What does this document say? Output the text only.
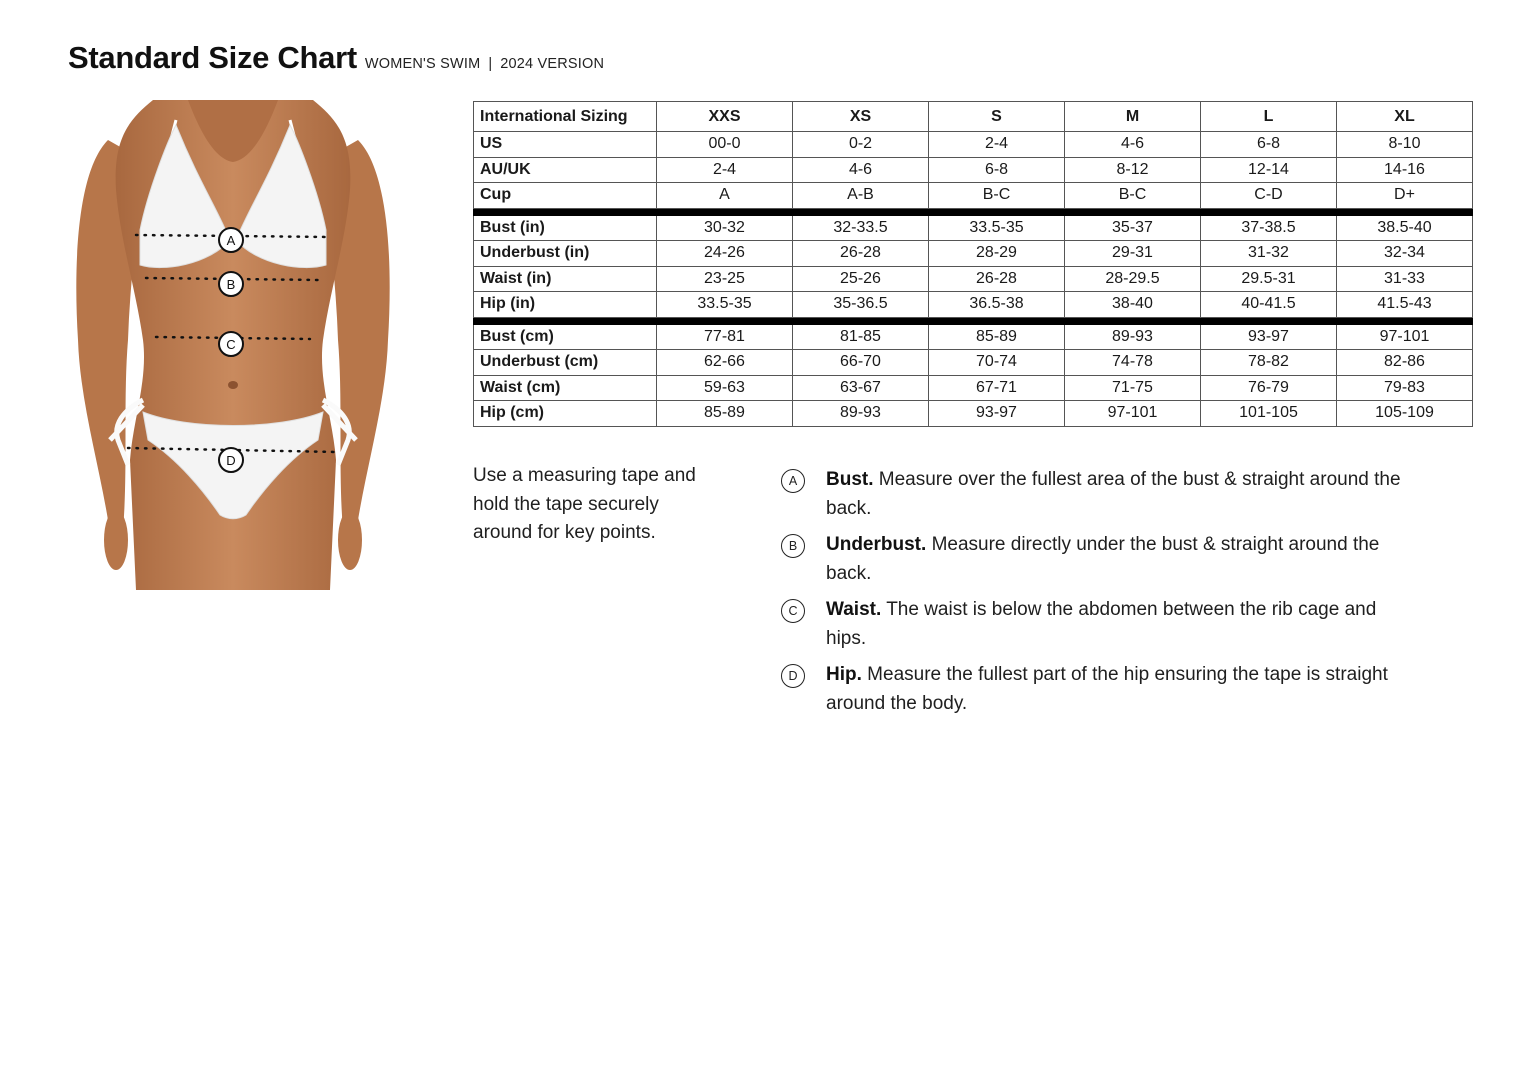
Standard Size Chart WOMEN'S SWIM | 2024 VERSION
A
B
C
D
International Sizing	XXS	XS	S	M	L	XL
US	00-0	0-2	2-4	4-6	6-8	8-10
AU/UK	2-4	4-6	6-8	8-12	12-14	14-16
Cup	A	A-B	B-C	B-C	C-D	D+

Bust (in)	30-32	32-33.5	33.5-35	35-37	37-38.5	38.5-40
Underbust (in)	24-26	26-28	28-29	29-31	31-32	32-34
Waist (in)	23-25	25-26	26-28	28-29.5	29.5-31	31-33
Hip (in)	33.5-35	35-36.5	36.5-38	38-40	40-41.5	41.5-43

Bust (cm)	77-81	81-85	85-89	89-93	93-97	97-101
Underbust (cm)	62-66	66-70	70-74	74-78	78-82	82-86
Waist (cm)	59-63	63-67	67-71	71-75	76-79	79-83
Hip (cm)	85-89	89-93	93-97	97-101	101-105	105-109
Use a measuring tape and hold the tape securely around for key points.
A	Bust. Measure over the fullest area of the bust & straight around the back.
B	Underbust. Measure directly under the bust & straight around the back.
C	Waist. The waist is below the abdomen between the rib cage and hips.
D	Hip. Measure the fullest part of the hip ensuring the tape is straight around the body.
